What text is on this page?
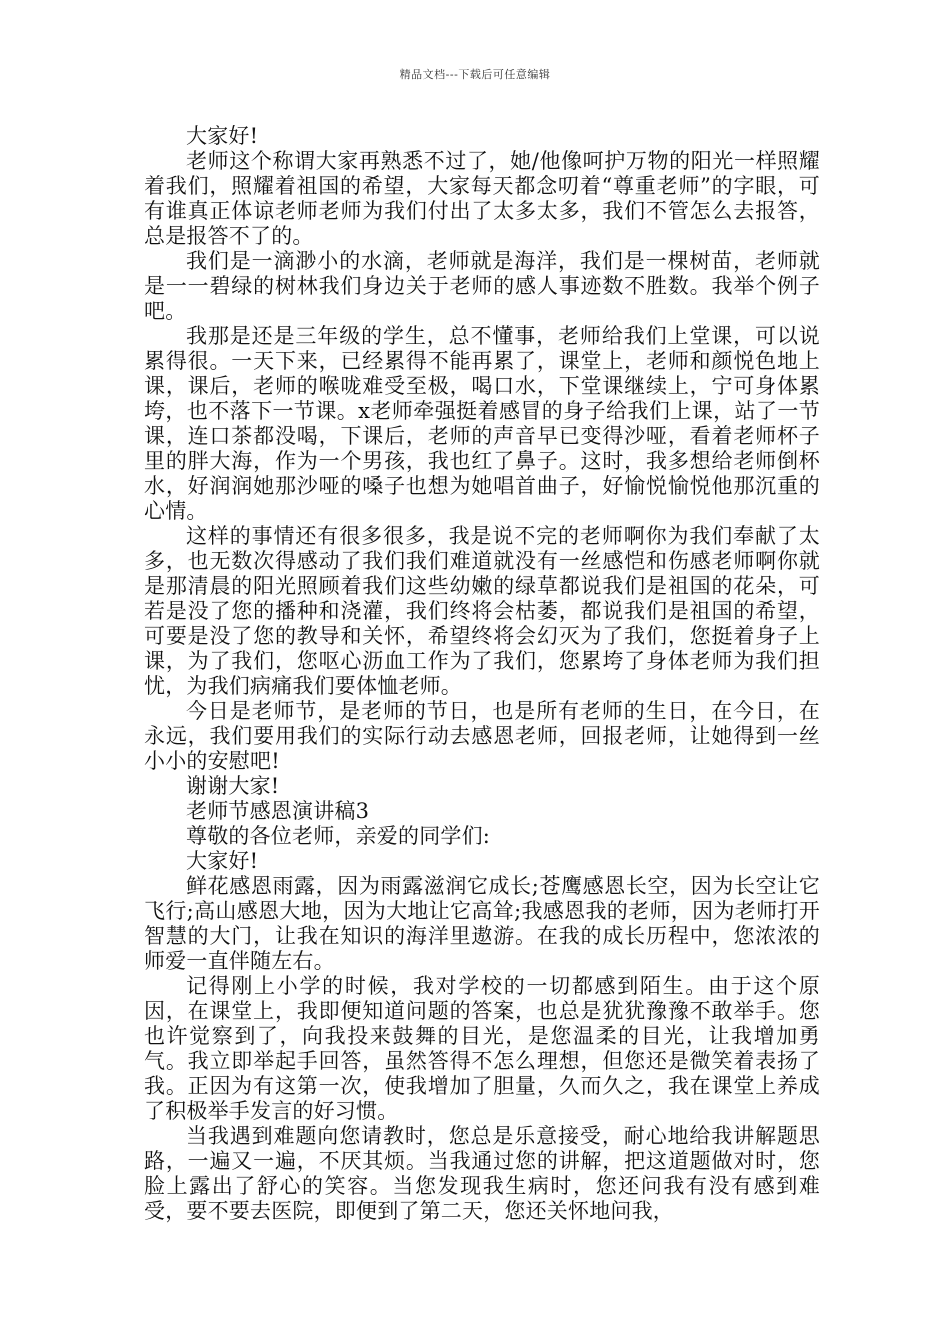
精品文档---下载后可任意编辑

大家好!

老师这个称谓大家再熟悉不过了，她/他像呵护万物的阳光一样照耀着我们，照耀着祖国的希望，大家每天都念叨着“尊重老师”的字眼，可有谁真正体谅老师老师为我们付出了太多太多，我们不管怎么去报答，总是报答不了的。

我们是一滴渺小的水滴，老师就是海洋，我们是一棵树苗，老师就是一一碧绿的树林我们身边关于老师的感人事迹数不胜数。我举个例子吧。

我那是还是三年级的学生，总不懂事，老师给我们上堂课，可以说累得很。一天下来，已经累得不能再累了，课堂上，老师和颜悦色地上课，课后，老师的喉咙难受至极，喝口水，下堂课继续上，宁可身体累垮，也不落下一节课。x老师牵强挺着感冒的身子给我们上课，站了一节课，连口茶都没喝，下课后，老师的声音早已变得沙哑，看着老师杯子里的胖大海，作为一个男孩，我也红了鼻子。这时，我多想给老师倒杯水，好润润她那沙哑的嗓子也想为她唱首曲子，好愉悦愉悦他那沉重的心情。

这样的事情还有很多很多，我是说不完的老师啊你为我们奉献了太多，也无数次得感动了我们我们难道就没有一丝感恺和伤感老师啊你就是那清晨的阳光照顾着我们这些幼嫩的绿草都说我们是祖国的花朵，可若是没了您的播种和浇灌，我们终将会枯萎，都说我们是祖国的希望，可要是没了您的教导和关怀，希望终将会幻灭为了我们，您挺着身子上课，为了我们，您呕心沥血工作为了我们，您累垮了身体老师为我们担忧，为我们病痛我们要体恤老师。

今日是老师节，是老师的节日，也是所有老师的生日，在今日，在永远，我们要用我们的实际行动去感恩老师，回报老师，让她得到一丝小小的安慰吧!

谢谢大家!

老师节感恩演讲稿3

尊敬的各位老师，亲爱的同学们:

大家好!

鲜花感恩雨露，因为雨露滋润它成长;苍鹰感恩长空，因为长空让它飞行;高山感恩大地，因为大地让它高耸;我感恩我的老师，因为老师打开智慧的大门，让我在知识的海洋里遨游。在我的成长历程中，您浓浓的师爱一直伴随左右。

记得刚上小学的时候，我对学校的一切都感到陌生。由于这个原因，在课堂上，我即便知道问题的答案，也总是犹犹豫豫不敢举手。您也许觉察到了，向我投来鼓舞的目光，是您温柔的目光，让我增加勇气。我立即举起手回答，虽然答得不怎么理想，但您还是微笑着表扬了我。正因为有这第一次，使我增加了胆量，久而久之，我在课堂上养成了积极举手发言的好习惯。

当我遇到难题向您请教时，您总是乐意接受，耐心地给我讲解题思路，一遍又一遍，不厌其烦。当我通过您的讲解，把这道题做对时，您脸上露出了舒心的笑容。当您发现我生病时，您还问我有没有感到难受，要不要去医院，即便到了第二天，您还关怀地问我，
